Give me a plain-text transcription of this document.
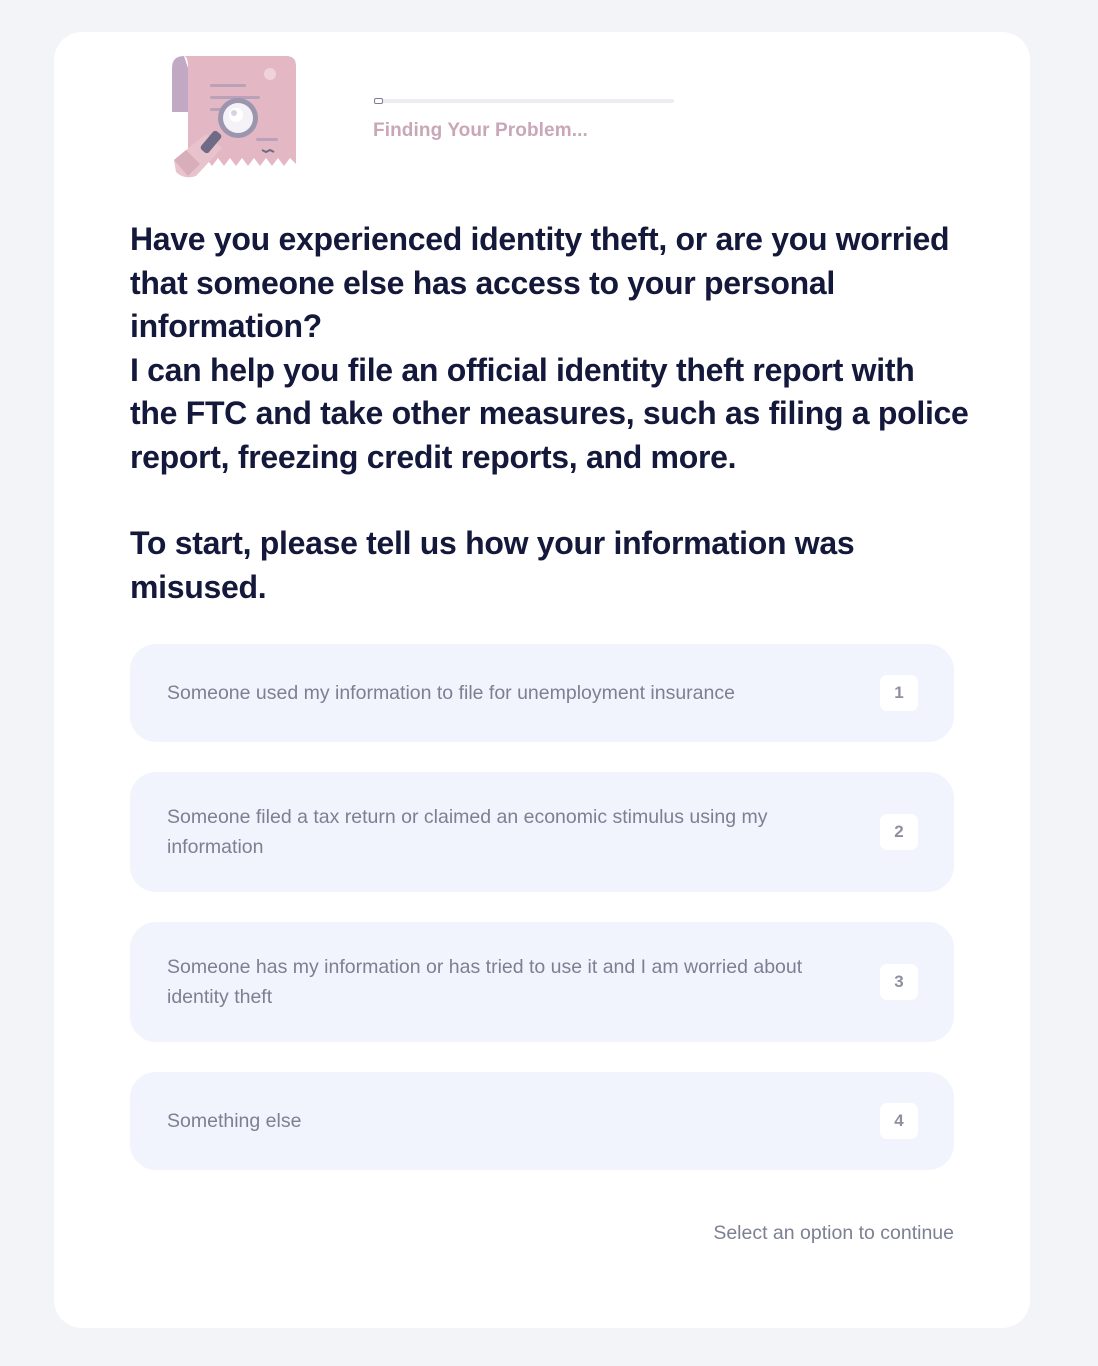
Finding Your Problem...

Have you experienced identity theft, or are you worried that someone else has access to your personal information?

I can help you file an official identity theft report with the FTC and take other measures, such as filing a police report, freezing credit reports, and more.

To start, please tell us how your information was misused.

Someone used my information to file for unemployment insurance	1
Someone filed a tax return or claimed an economic stimulus using my information
2
Someone has my information or has tried to use it and I am worried about identity theft
3
Something else	4
Select an option to continue
